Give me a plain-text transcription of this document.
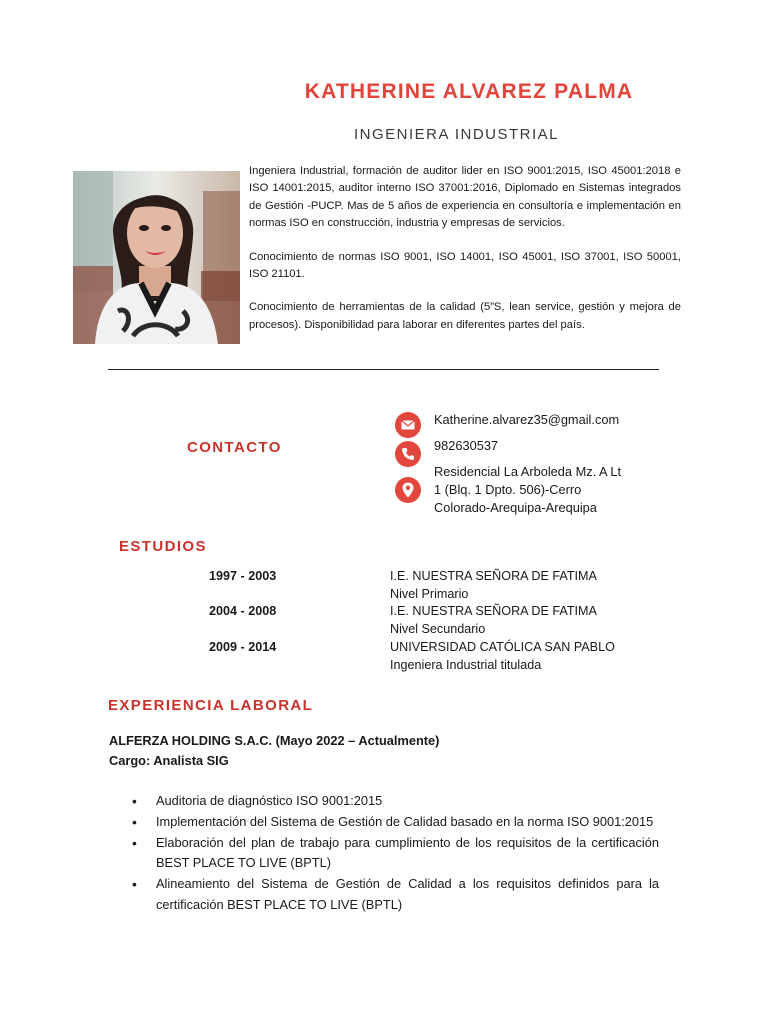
KATHERINE ALVAREZ PALMA
INGENIERA INDUSTRIAL

Ingeniera Industrial, formación de auditor lider en ISO 9001:2015, ISO 45001:2018 e ISO 14001:2015, auditor interno ISO 37001:2016, Diplomado en Sistemas integrados de Gestión -PUCP. Mas de 5 años de experiencia en consultoría e implementación en normas ISO en construcción, industria y empresas de servicios.

Conocimiento de normas ISO 9001, ISO 14001, ISO 45001, ISO 37001, ISO 50001, ISO 21101.

Conocimiento de herramientas de la calidad (5”S, lean service, gestión y mejora de procesos). Disponibilidad para laborar en diferentes partes del país.

CONTACTO
Katherine.alvarez35@gmail.com
982630537
Residencial La Arboleda Mz. A Lt
1 (Blq. 1 Dpto. 506)-Cerro
Colorado-Arequipa-Arequipa
ESTUDIOS
1997 - 2003	I.E. NUESTRA SEÑORA DE FATIMA
Nivel Primario
2004 - 2008	I.E. NUESTRA SEÑORA DE FATIMA
Nivel Secundario
2009 - 2014	UNIVERSIDAD CATÓLICA SAN PABLO
Ingeniera Industrial titulada
EXPERIENCIA LABORAL
ALFERZA HOLDING S.A.C. (Mayo 2022 – Actualmente)
Cargo: Analista SIG
• Auditoria de diagnóstico ISO 9001:2015
• Implementación del Sistema de Gestión de Calidad basado en la norma ISO 9001:2015
• Elaboración del plan de trabajo para cumplimiento de los requisitos de la certificación BEST PLACE TO LIVE (BPTL)
• Alineamiento del Sistema de Gestión de Calidad a los requisitos definidos para la certificación BEST PLACE TO LIVE (BPTL)
